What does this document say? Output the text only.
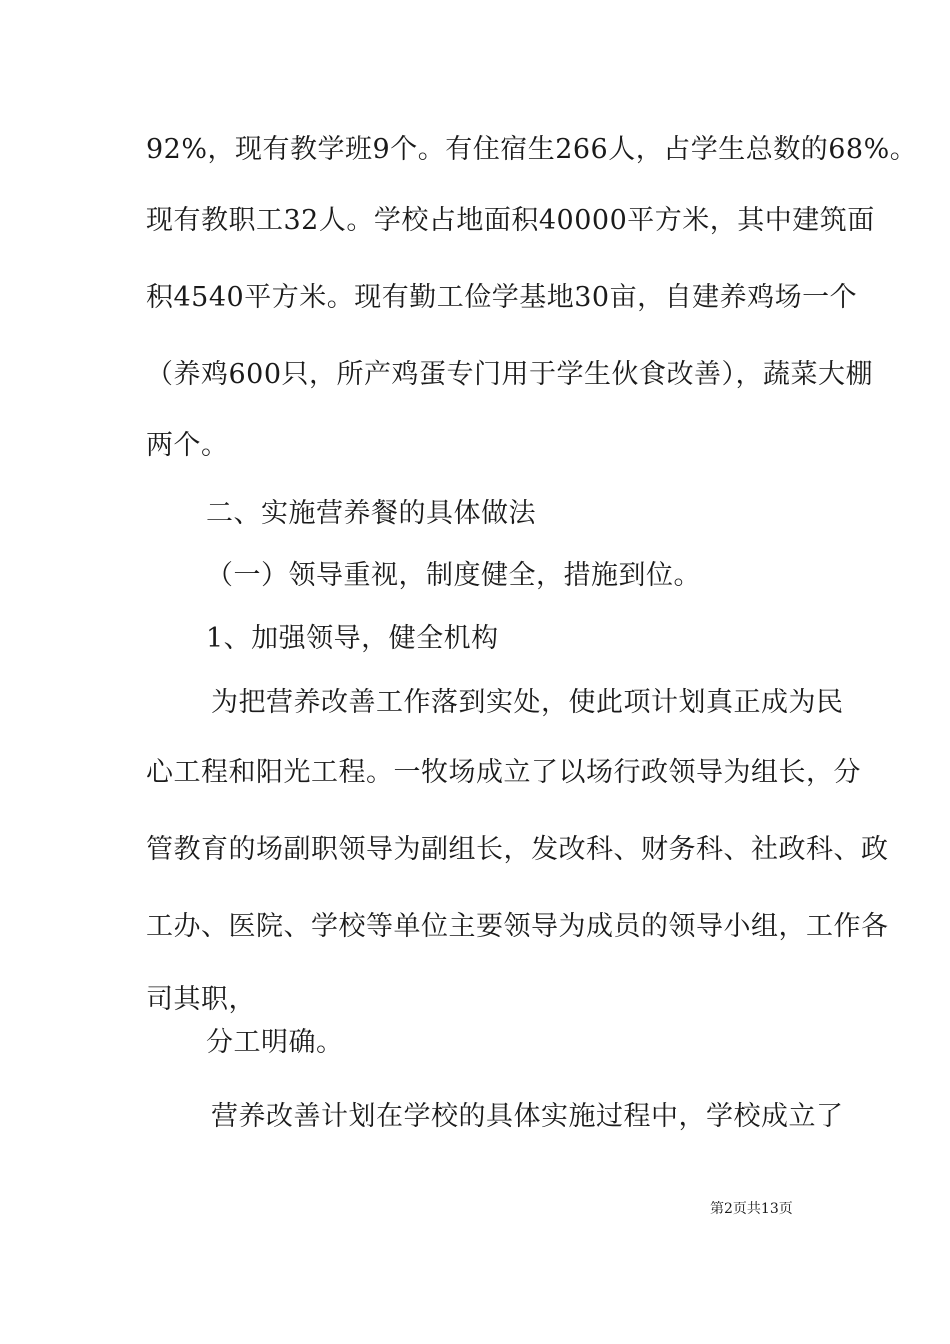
92%，现有教学班9个。有住宿生266人，占学生总数的68%。
现有教职工32人。学校占地面积40000平方米，其中建筑面
积4540平方米。现有勤工俭学基地30亩，自建养鸡场一个
（养鸡600只，所产鸡蛋专门用于学生伙食改善），蔬菜大棚
两个。
二、实施营养餐的具体做法
（一）领导重视，制度健全，措施到位。
1、加强领导，健全机构
为把营养改善工作落到实处，使此项计划真正成为民
心工程和阳光工程。一牧场成立了以场行政领导为组长，分
管教育的场副职领导为副组长，发改科、财务科、社政科、政
工办、医院、学校等单位主要领导为成员的领导小组，工作各
司其职，
分工明确。
营养改善计划在学校的具体实施过程中，学校成立了
第2页共13页
